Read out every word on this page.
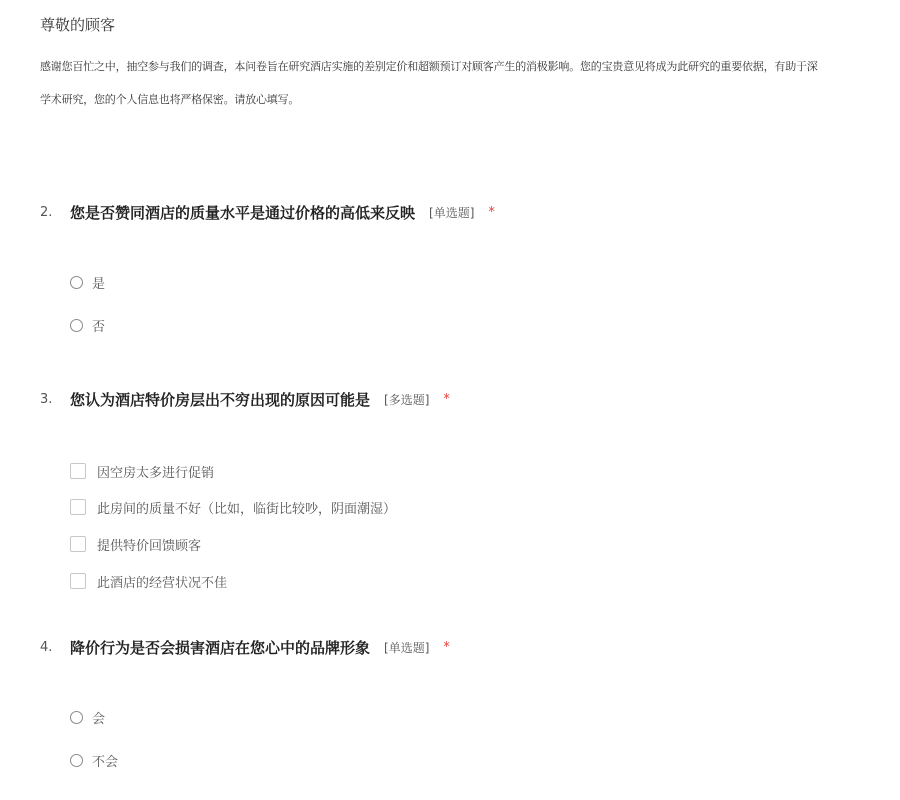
尊敬的顾客
感谢您百忙之中，抽空参与我们的调查，本问卷旨在研究酒店实施的差别定价和超额预订对顾客产生的消极影响。您的宝贵意见将成为此研究的重要依据，有助于深
学术研究，您的个人信息也将严格保密。请放心填写。
2.	您是否赞同酒店的质量水平是通过价格的高低来反映 [单选题] *
是
否
3.	您认为酒店特价房层出不穷出现的原因可能是 [多选题] *
因空房太多进行促销
此房间的质量不好（比如，临街比较吵，阴面潮湿）
提供特价回馈顾客
此酒店的经营状况不佳
4.	降价行为是否会损害酒店在您心中的品牌形象 [单选题] *
会
不会
